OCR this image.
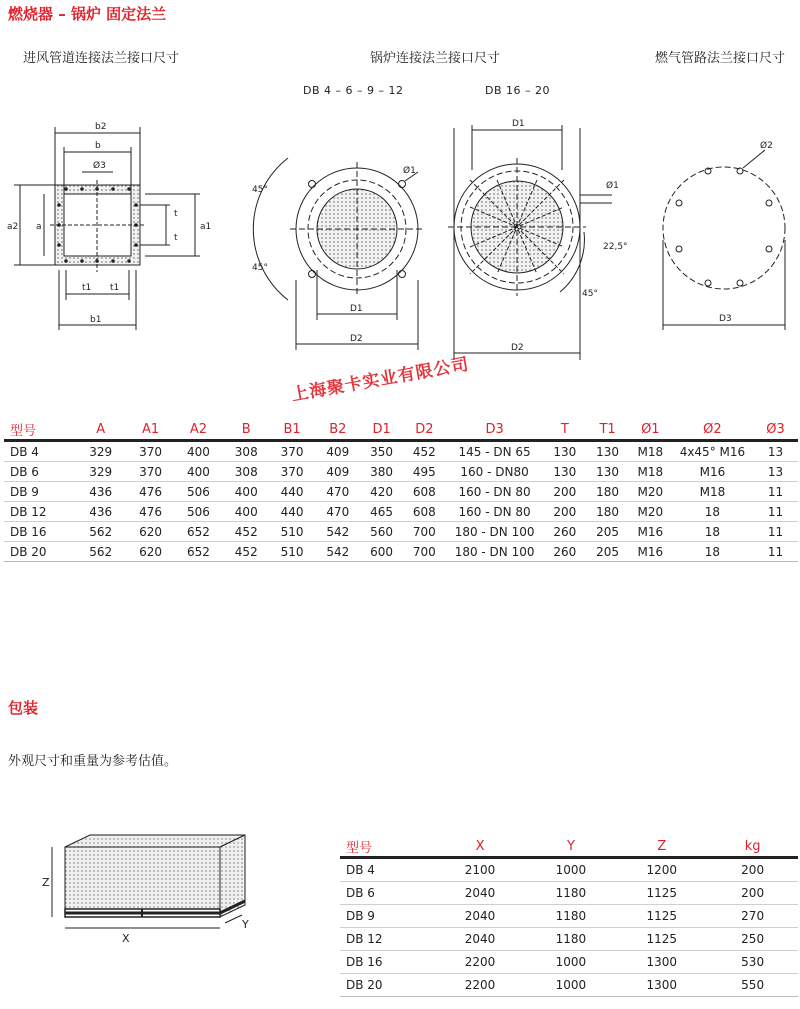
燃烧器 – 锅炉 固定法兰
进风管道连接法兰接口尺寸	锅炉连接法兰接口尺寸	燃气管路法兰接口尺寸
DB 4 – 6 – 9 – 12	DB 16 – 20
b2
b
Ø3
a2 a
t
t
a1
t1 t1
b1
45°
45°
Ø1
D1
D2
D1
Ø1
22,5°
45°
D2
Ø2
D3
上海聚卡实业有限公司
型号	A	A1	A2	B	B1	B2	D1	D2	D3	T	T1	Ø1	Ø2	Ø3
DB 4	329	370	400	308	370	409	350	452	145 - DN 65	130	130	M18	4x45° M16	13
DB 6	329	370	400	308	370	409	380	495	160 - DN80	130	130	M18	M16	13
DB 9	436	476	506	400	440	470	420	608	160 - DN 80	200	180	M20	M18	11
DB 12	436	476	506	400	440	470	465	608	160 - DN 80	200	180	M20	18	11
DB 16	562	620	652	452	510	542	560	700	180 - DN 100	260	205	M16	18	11
DB 20	562	620	652	452	510	542	600	700	180 - DN 100	260	205	M16	18	11
包装
外观尺寸和重量为参考估值。
Z
X
Y
型号	X	Y	Z	kg
DB 4	2100	1000	1200	200
DB 6	2040	1180	1125	200
DB 9	2040	1180	1125	270
DB 12	2040	1180	1125	250
DB 16	2200	1000	1300	530
DB 20	2200	1000	1300	550
